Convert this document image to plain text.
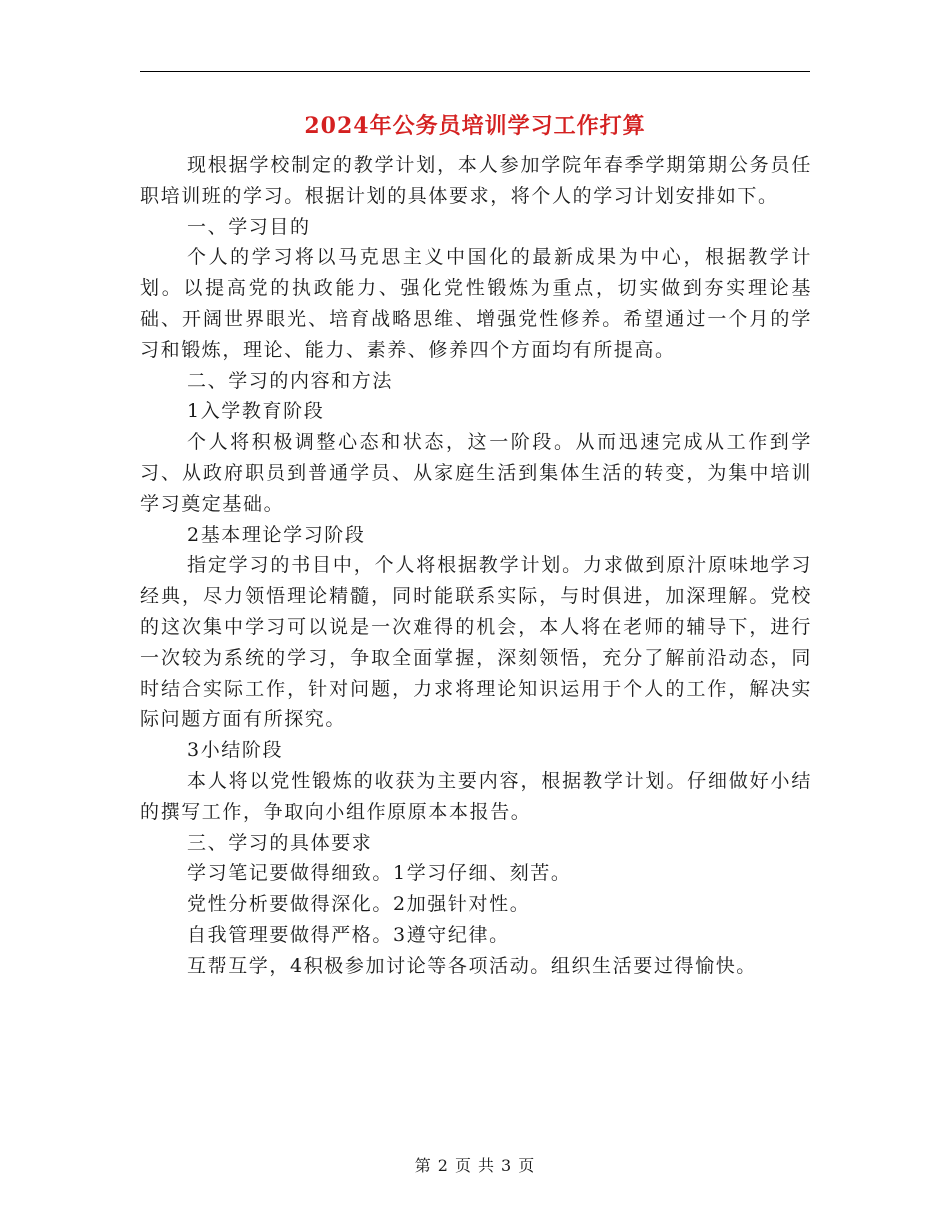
2024年公务员培训学习工作打算

现根据学校制定的教学计划，本人参加学院年春季学期第期公务员任职培训班的学习。根据计划的具体要求，将个人的学习计划安排如下。

一、学习目的

个人的学习将以马克思主义中国化的最新成果为中心，根据教学计划。以提高党的执政能力、强化党性锻炼为重点，切实做到夯实理论基础、开阔世界眼光、培育战略思维、增强党性修养。希望通过一个月的学习和锻炼，理论、能力、素养、修养四个方面均有所提高。

二、学习的内容和方法

1入学教育阶段

个人将积极调整心态和状态，这一阶段。从而迅速完成从工作到学习、从政府职员到普通学员、从家庭生活到集体生活的转变，为集中培训学习奠定基础。

2基本理论学习阶段

指定学习的书目中，个人将根据教学计划。力求做到原汁原味地学习经典，尽力领悟理论精髓，同时能联系实际，与时俱进，加深理解。党校的这次集中学习可以说是一次难得的机会，本人将在老师的辅导下，进行一次较为系统的学习，争取全面掌握，深刻领悟，充分了解前沿动态，同时结合实际工作，针对问题，力求将理论知识运用于个人的工作，解决实际问题方面有所探究。

3小结阶段

本人将以党性锻炼的收获为主要内容，根据教学计划。仔细做好小结的撰写工作，争取向小组作原原本本报告。

三、学习的具体要求

学习笔记要做得细致。1学习仔细、刻苦。

党性分析要做得深化。2加强针对性。

自我管理要做得严格。3遵守纪律。

互帮互学，4积极参加讨论等各项活动。组织生活要过得愉快。

第 2 页 共 3 页
